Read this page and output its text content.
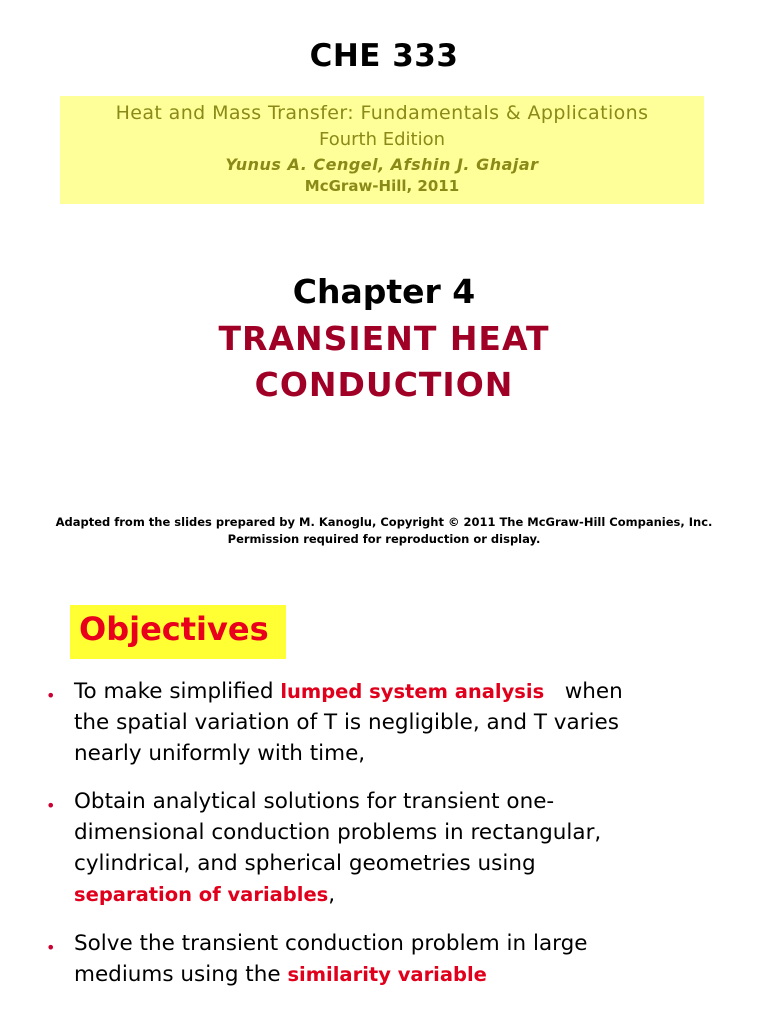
CHE 333
Heat and Mass Transfer: Fundamentals & Applications
Fourth Edition
Yunus A. Cengel, Afshin J. Ghajar
McGraw-Hill, 2011
Chapter 4
TRANSIENT HEAT
CONDUCTION
Adapted from the slides prepared by M. Kanoglu, Copyright © 2011 The McGraw-Hill Companies, Inc.
Permission required for reproduction or display.
Objectives
• To make simplified lumped system analysis   when
the spatial variation of T is negligible, and T varies
nearly uniformly with time,
• Obtain analytical solutions for transient one-
dimensional conduction problems in rectangular,
cylindrical, and spherical geometries using
separation of variables,
• Solve the transient conduction problem in large
mediums using the similarity variable
